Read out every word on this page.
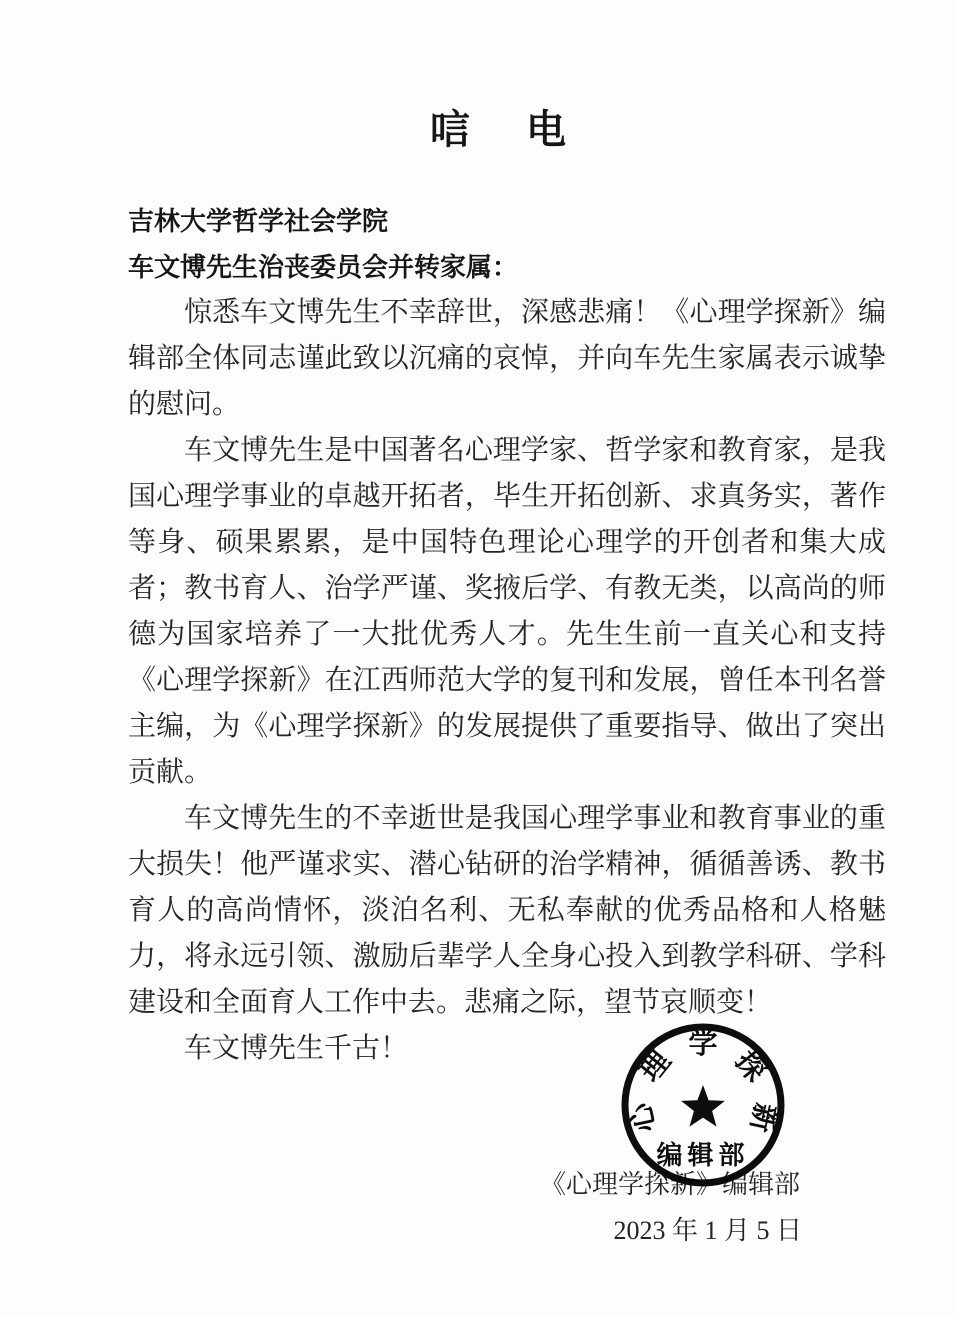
唁　电
吉林大学哲学社会学院
车文博先生治丧委员会并转家属：

惊悉车文博先生不幸辞世，深感悲痛！《心理学探新》编辑部全体同志谨此致以沉痛的哀悼，并向车先生家属表示诚挚的慰问。

车文博先生是中国著名心理学家、哲学家和教育家，是我国心理学事业的卓越开拓者，毕生开拓创新、求真务实，著作等身、硕果累累，是中国特色理论心理学的开创者和集大成者；教书育人、治学严谨、奖掖后学、有教无类，以高尚的师德为国家培养了一大批优秀人才。先生生前一直关心和支持《心理学探新》在江西师范大学的复刊和发展，曾任本刊名誉主编，为《心理学探新》的发展提供了重要指导、做出了突出贡献。

车文博先生的不幸逝世是我国心理学事业和教育事业的重大损失！他严谨求实、潜心钻研的治学精神，循循善诱、教书育人的高尚情怀，淡泊名利、无私奉献的优秀品格和人格魅力，将永远引领、激励后辈学人全身心投入到教学科研、学科建设和全面育人工作中去。悲痛之际，望节哀顺变！

车文博先生千古！

《心理学探新》编辑部
2023 年 1 月 5 日
心
理
学
探
新
编辑部
